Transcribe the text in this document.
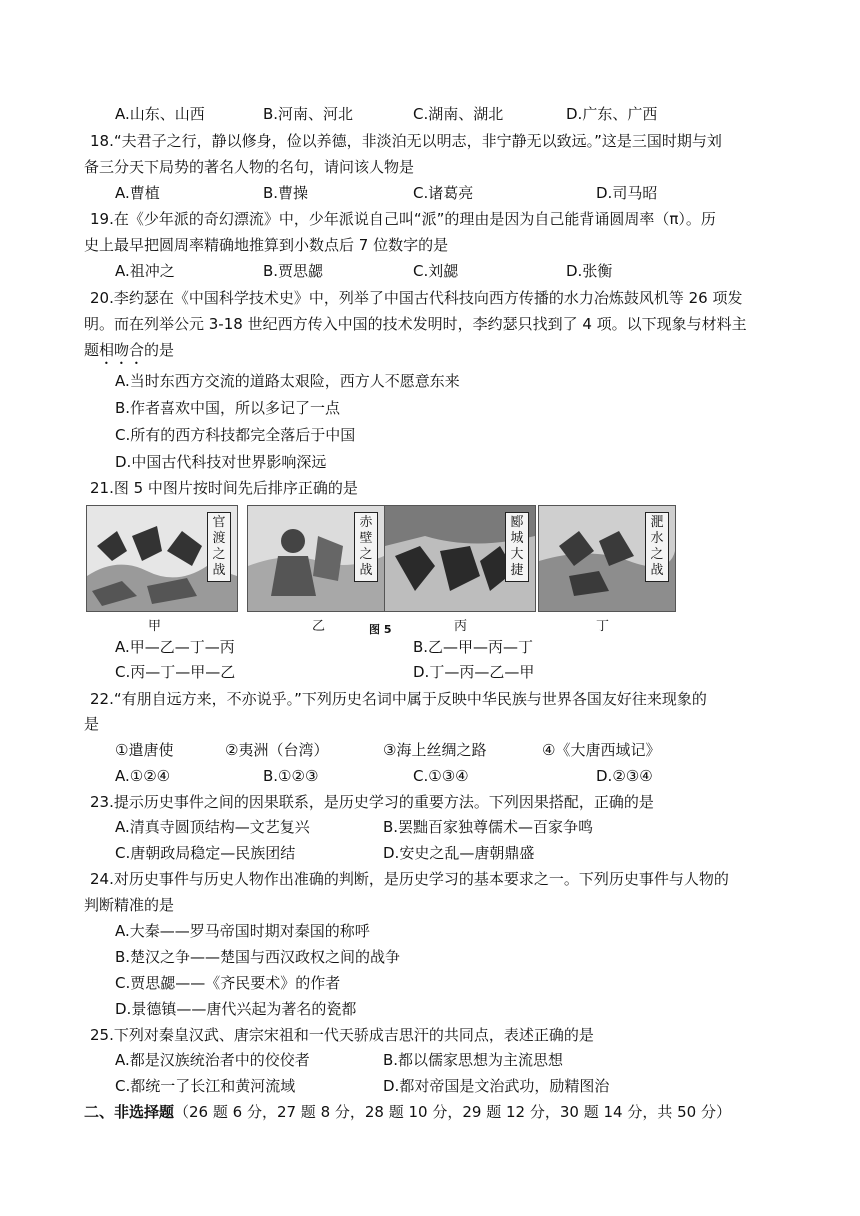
A.山东、山西	B.河南、河北	C.湖南、湖北	D.广东、广西
18.“夫君子之行，静以修身，俭以养德，非淡泊无以明志，非宁静无以致远。”这是三国时期与刘
备三分天下局势的著名人物的名句，请问该人物是
A.曹植	B.曹操	C.诸葛亮	D.司马昭
19.在《少年派的奇幻漂流》中，少年派说自己叫“派”的理由是因为自己能背诵圆周率（π）。历
史上最早把圆周率精确地推算到小数点后 7 位数字的是
A.祖冲之	B.贾思勰	C.刘勰	D.张衡
20.李约瑟在《中国科学技术史》中，列举了中国古代科技向西方传播的水力冶炼鼓风机等 26 项发
明。而在列举公元 3-18 世纪西方传入中国的技术发明时，李约瑟只找到了 4 项。以下现象与材料主
题相吻合的是
A.当时东西方交流的道路太艰险，西方人不愿意东来
B.作者喜欢中国，所以多记了一点
C.所有的西方科技都完全落后于中国
D.中国古代科技对世界影响深远
21.图 5 中图片按时间先后排序正确的是
官渡之战
赤壁之战
郾城大捷
淝水之战
甲	乙	丙	丁
图 5
A.甲—乙—丁—丙	B.乙—甲—丙—丁
C.丙—丁—甲—乙	D.丁—丙—乙—甲
22.“有朋自远方来，不亦说乎。”下列历史名词中属于反映中华民族与世界各国友好往来现象的
是
①遣唐使	②夷洲（台湾）	③海上丝绸之路	④《大唐西域记》
A.①②④	B.①②③	C.①③④	D.②③④
23.提示历史事件之间的因果联系，是历史学习的重要方法。下列因果搭配，正确的是
A.清真寺圆顶结构—文艺复兴	B.罢黜百家独尊儒术—百家争鸣
C.唐朝政局稳定—民族团结	D.安史之乱—唐朝鼎盛
24.对历史事件与历史人物作出准确的判断，是历史学习的基本要求之一。下列历史事件与人物的
判断精准的是
A.大秦——罗马帝国时期对秦国的称呼
B.楚汉之争——楚国与西汉政权之间的战争
C.贾思勰——《齐民要术》的作者
D.景德镇——唐代兴起为著名的瓷都
25.下列对秦皇汉武、唐宗宋祖和一代天骄成吉思汗的共同点，表述正确的是
A.都是汉族统治者中的佼佼者	B.都以儒家思想为主流思想
C.都统一了长江和黄河流域	D.都对帝国是文治武功，励精图治
二、非选择题（26 题 6 分，27 题 8 分，28 题 10 分，29 题 12 分，30 题 14 分，共 50 分）
